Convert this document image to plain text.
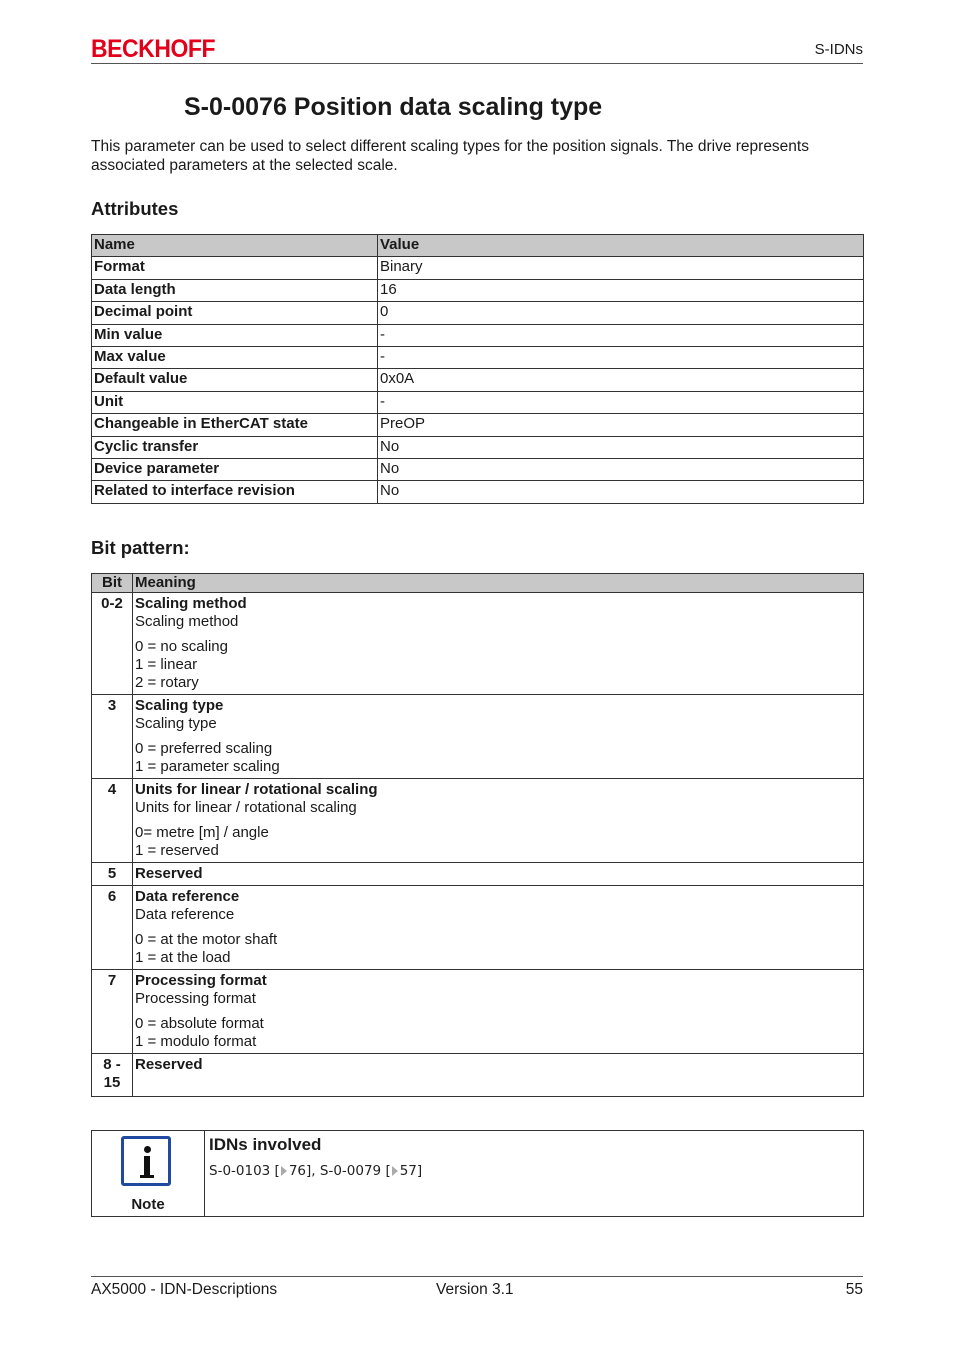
BECKHOFF	S-IDNs
S-0-0076 Position data scaling type

This parameter can be used to select different scaling types for the position signals. The drive represents associated parameters at the selected scale.

Attributes
Name	Value
Format	Binary
Data length	16
Decimal point	0
Min value	-
Max value	-
Default value	0x0A
Unit	-
Changeable in EtherCAT state	PreOP
Cyclic transfer	No
Device parameter	No
Related to interface revision	No
Bit pattern:
Bit	Meaning
0-2	Scaling method
Scaling method
0 = no scaling
1 = linear
2 = rotary

3	Scaling type
Scaling type
0 = preferred scaling
1 = parameter scaling

4	Units for linear / rotational scaling
Units for linear / rotational scaling
0= metre [m] / angle
1 = reserved

5	Reserved

6	Data reference
Data reference
0 = at the motor shaft
1 = at the load

7	Processing format
Processing format
0 = absolute format
1 = modulo format

8 - 15	Reserved
Note
IDNs involved
S-0-0103 [ 76], S-0-0079 [ 57]
AX5000 - IDN-Descriptions	Version 3.1	55
